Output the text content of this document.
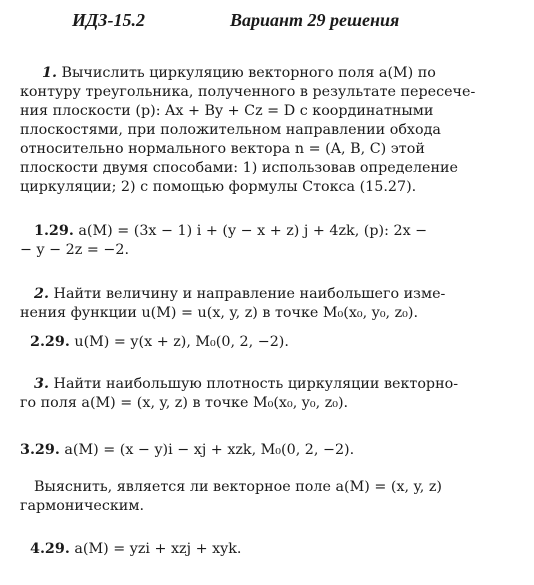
ИДЗ-15.2	Вариант 29 решения
1. Вычислить циркуляцию векторного поля a(M) по
контуру треугольника, полученного в результате пересече-
ния плоскости (p): Ax + By + Cz = D с координатными
плоскостями, при положительном направлении обхода
относительно нормального вектора n = (A, B, C) этой
плоскости двумя способами: 1) использовав определение
циркуляции; 2) с помощью формулы Стокса (15.27).
1.29. a(M) = (3x − 1) i + (y − x + z) j + 4zk, (p): 2x −
− y − 2z = −2.
2. Найти величину и направление наибольшего изме-
нения функции u(M) = u(x, y, z) в точке M₀(x₀, y₀, z₀).
2.29. u(M) = y(x + z), M₀(0, 2, −2).
3. Найти наибольшую плотность циркуляции векторно-
го поля a(M) = (x, y, z) в точке M₀(x₀, y₀, z₀).
3.29. a(M) = (x − y)i − xj + xzk, M₀(0, 2, −2).
Выяснить, является ли векторное поле a(M) = (x, y, z)
гармоническим.
4.29. a(M) = yzi + xzj + xyk.
